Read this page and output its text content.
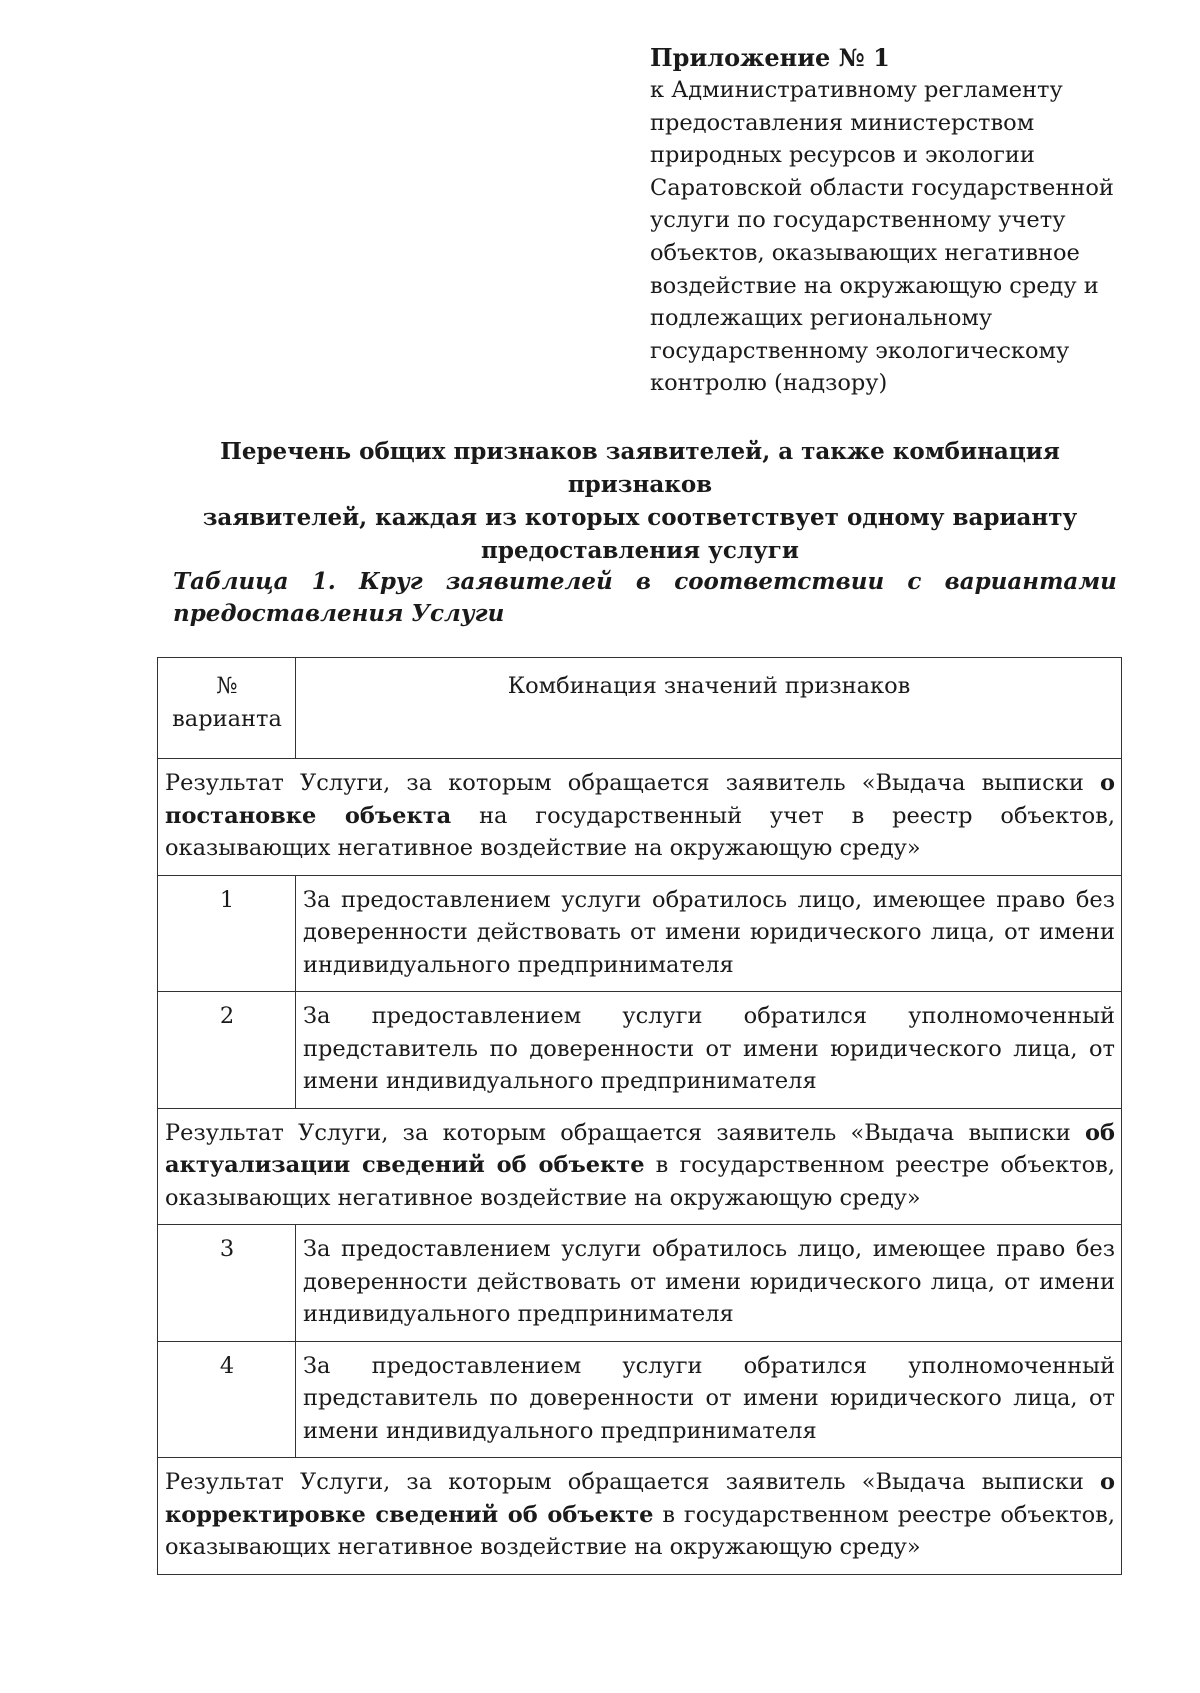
Приложение № 1
к Административному регламенту
предоставления министерством
природных ресурсов и экологии
Саратовской области государственной
услуги по государственному учету
объектов, оказывающих негативное
воздействие на окружающую среду и
подлежащих региональному
государственному экологическому
контролю (надзору)
Перечень общих признаков заявителей, а также комбинация признаков
заявителей, каждая из которых соответствует одному варианту
предоставления услуги
Таблица 1. Круг заявителей в соответствии с вариантами
предоставления Услуги
№ варианта	Комбинация значений признаков
Результат Услуги, за которым обращается заявитель «Выдача выписки о постановке объекта на государственный учет в реестр объектов, оказывающих негативное воздействие на окружающую среду»	
1	За предоставлением услуги обратилось лицо, имеющее право без доверенности действовать от имени юридического лица, от имени индивидуального предпринимателя
2	За предоставлением услуги обратился уполномоченный представитель по доверенности от имени юридического лица, от имени индивидуального предпринимателя
Результат Услуги, за которым обращается заявитель «Выдача выписки об актуализации сведений об объекте в государственном реестре объектов, оказывающих негативное воздействие на окружающую среду»	
3	За предоставлением услуги обратилось лицо, имеющее право без доверенности действовать от имени юридического лица, от имени индивидуального предпринимателя
4	За предоставлением услуги обратился уполномоченный представитель по доверенности от имени юридического лица, от имени индивидуального предпринимателя
Результат Услуги, за которым обращается заявитель «Выдача выписки о корректировке сведений об объекте в государственном реестре объектов, оказывающих негативное воздействие на окружающую среду»	
